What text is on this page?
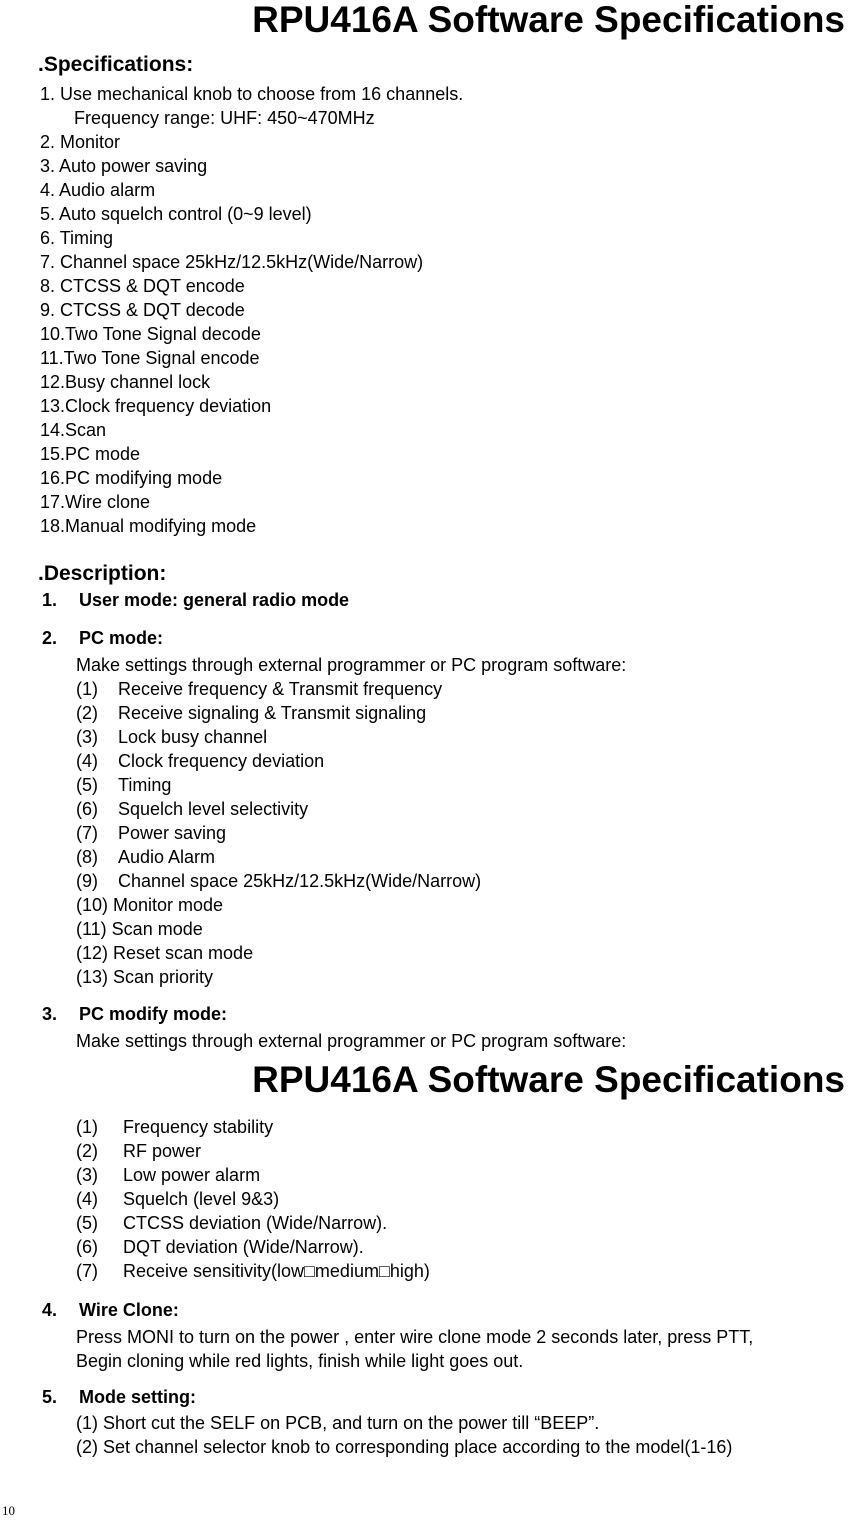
RPU416A Software Specifications
.Specifications:
1. Use mechanical knob to choose from 16 channels.
Frequency range: UHF: 450~470MHz
2. Monitor
3. Auto power saving
4. Audio alarm
5. Auto squelch control (0~9 level)
6. Timing
7. Channel space 25kHz/12.5kHz(Wide/Narrow)
8. CTCSS & DQT encode
9. CTCSS & DQT decode
10.Two Tone Signal decode
11.Two Tone Signal encode
12.Busy channel lock
13.Clock frequency deviation
14.Scan
15.PC mode
16.PC modifying mode
17.Wire clone
18.Manual modifying mode
.Description:
1. User mode: general radio mode
2. PC mode:
Make settings through external programmer or PC program software:
(1) Receive frequency & Transmit frequency
(2) Receive signaling & Transmit signaling
(3) Lock busy channel
(4) Clock frequency deviation
(5) Timing
(6) Squelch level selectivity
(7) Power saving
(8) Audio Alarm
(9) Channel space 25kHz/12.5kHz(Wide/Narrow)
(10) Monitor mode
(11) Scan mode
(12) Reset scan mode
(13) Scan priority
3. PC modify mode:
Make settings through external programmer or PC program software:
RPU416A Software Specifications
(1) Frequency stability
(2) RF power
(3) Low power alarm
(4) Squelch (level 9&3)
(5) CTCSS deviation (Wide/Narrow).
(6) DQT deviation (Wide/Narrow).
(7) Receive sensitivity(low□medium□high)
4. Wire Clone:
Press MONI to turn on the power , enter wire clone mode 2 seconds later, press PTT,
Begin cloning while red lights, finish while light goes out.
5. Mode setting:
(1) Short cut the SELF on PCB, and turn on the power till “BEEP”.
(2) Set channel selector knob to corresponding place according to the model(1-16)
10
